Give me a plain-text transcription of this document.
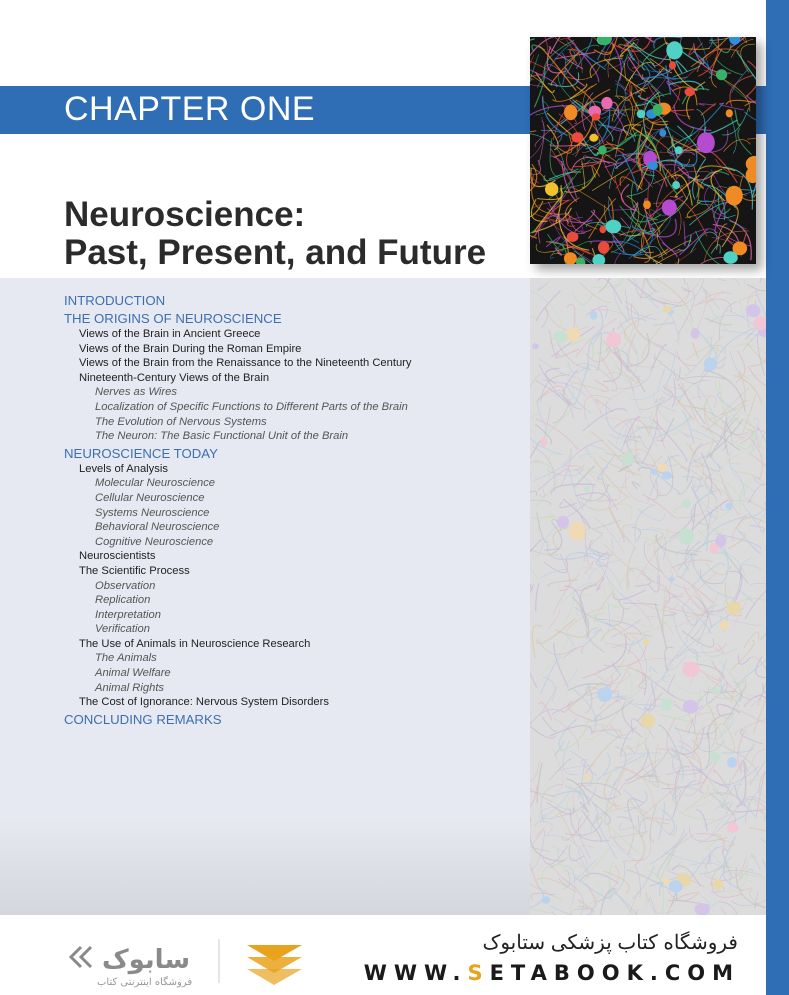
CHAPTER ONE
Neuroscience:
Past, Present, and Future
INTRODUCTION
THE ORIGINS OF NEUROSCIENCE
Views of the Brain in Ancient Greece
Views of the Brain During the Roman Empire
Views of the Brain from the Renaissance to the Nineteenth Century
Nineteenth-Century Views of the Brain
Nerves as Wires
Localization of Specific Functions to Different Parts of the Brain
The Evolution of Nervous Systems
The Neuron: The Basic Functional Unit of the Brain
NEUROSCIENCE TODAY
Levels of Analysis
Molecular Neuroscience
Cellular Neuroscience
Systems Neuroscience
Behavioral Neuroscience
Cognitive Neuroscience
Neuroscientists
The Scientific Process
Observation
Replication
Interpretation
Verification
The Use of Animals in Neuroscience Research
The Animals
Animal Welfare
Animal Rights
The Cost of Ignorance: Nervous System Disorders
CONCLUDING REMARKS
سابوک
فروشگاه اینترنتی کتاب
فروشگاه کتاب پزشکی ستابوک
WWW.SETABOOK.COM
